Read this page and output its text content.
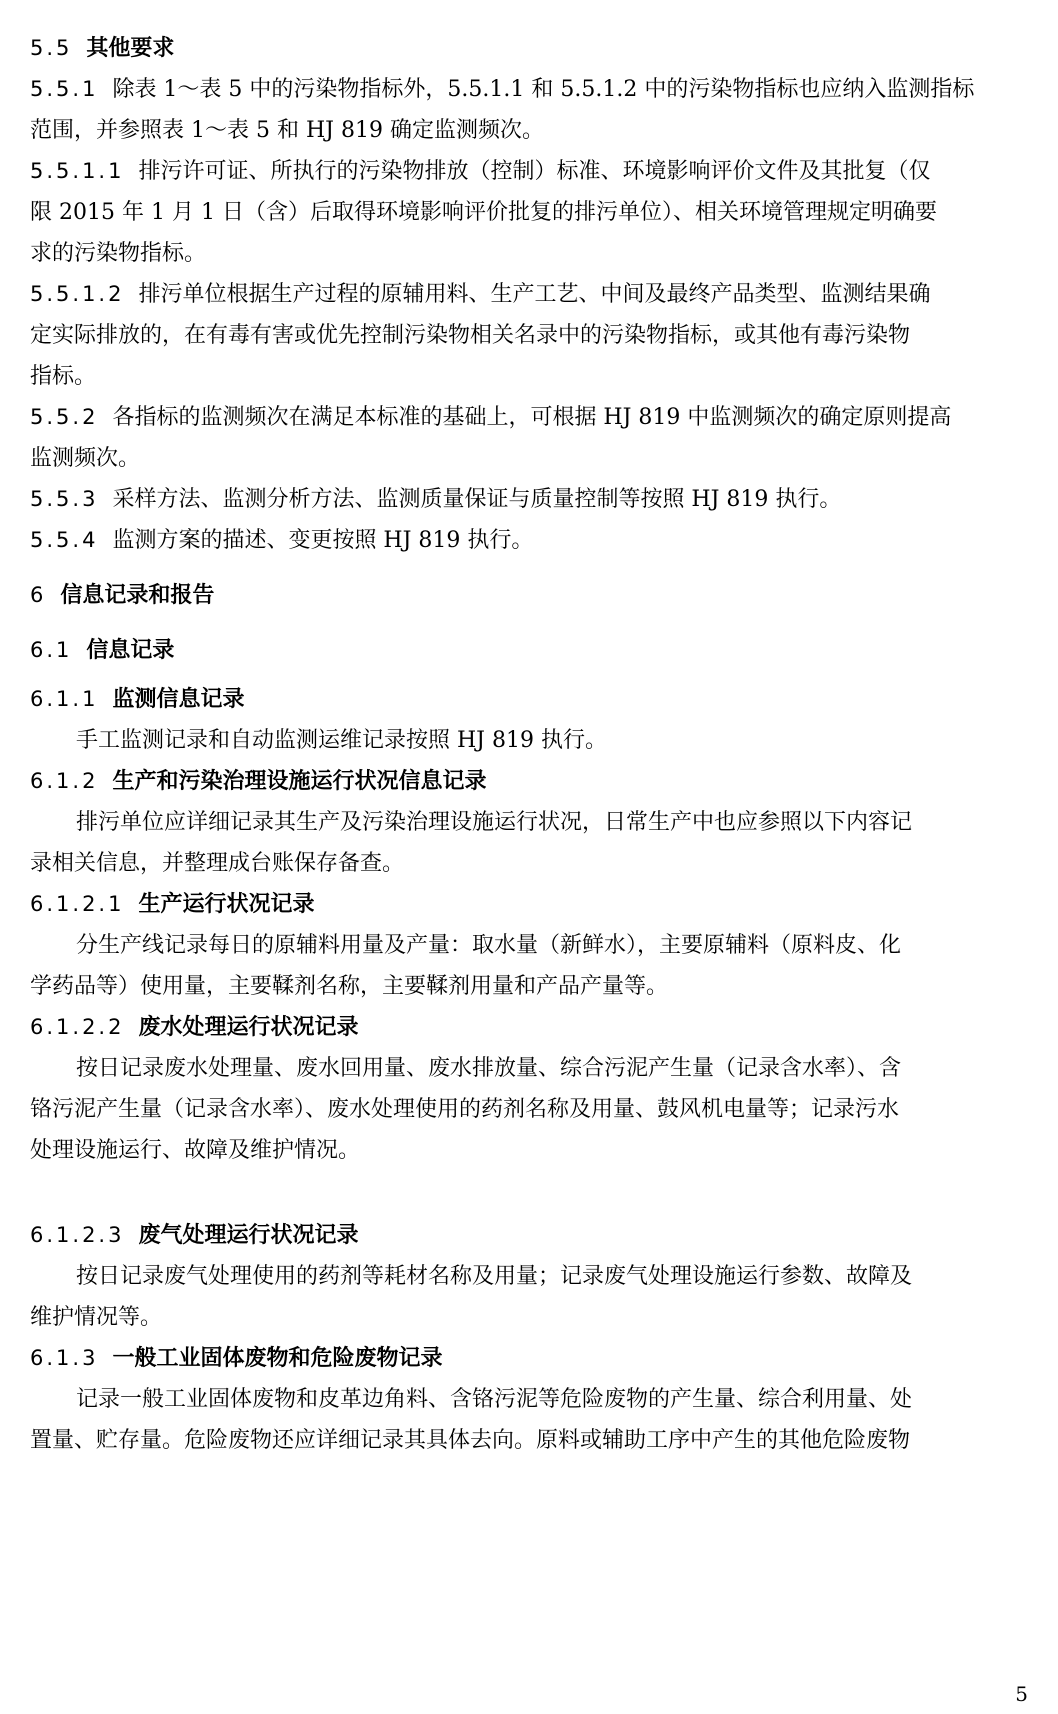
5.5 其他要求
5.5.1 除表 1～表 5 中的污染物指标外，5.5.1.1 和 5.5.1.2 中的污染物指标也应纳入监测指标
范围，并参照表 1～表 5 和 HJ 819 确定监测频次。
5.5.1.1 排污许可证、所执行的污染物排放（控制）标准、环境影响评价文件及其批复（仅
限 2015 年 1 月 1 日（含）后取得环境影响评价批复的排污单位）、相关环境管理规定明确要
求的污染物指标。
5.5.1.2 排污单位根据生产过程的原辅用料、生产工艺、中间及最终产品类型、监测结果确
定实际排放的，在有毒有害或优先控制污染物相关名录中的污染物指标，或其他有毒污染物
指标。
5.5.2 各指标的监测频次在满足本标准的基础上，可根据 HJ 819 中监测频次的确定原则提高
监测频次。
5.5.3 采样方法、监测分析方法、监测质量保证与质量控制等按照 HJ 819 执行。
5.5.4 监测方案的描述、变更按照 HJ 819 执行。
6 信息记录和报告
6.1 信息记录
6.1.1 监测信息记录
手工监测记录和自动监测运维记录按照 HJ 819 执行。
6.1.2 生产和污染治理设施运行状况信息记录
排污单位应详细记录其生产及污染治理设施运行状况，日常生产中也应参照以下内容记
录相关信息，并整理成台账保存备查。
6.1.2.1 生产运行状况记录
分生产线记录每日的原辅料用量及产量：取水量（新鲜水），主要原辅料（原料皮、化
学药品等）使用量，主要鞣剂名称，主要鞣剂用量和产品产量等。
6.1.2.2 废水处理运行状况记录
按日记录废水处理量、废水回用量、废水排放量、综合污泥产生量（记录含水率）、含
铬污泥产生量（记录含水率）、废水处理使用的药剂名称及用量、鼓风机电量等；记录污水
处理设施运行、故障及维护情况。
6.1.2.3 废气处理运行状况记录
按日记录废气处理使用的药剂等耗材名称及用量；记录废气处理设施运行参数、故障及
维护情况等。
6.1.3 一般工业固体废物和危险废物记录
记录一般工业固体废物和皮革边角料、含铬污泥等危险废物的产生量、综合利用量、处
置量、贮存量。危险废物还应详细记录其具体去向。原料或辅助工序中产生的其他危险废物
5
